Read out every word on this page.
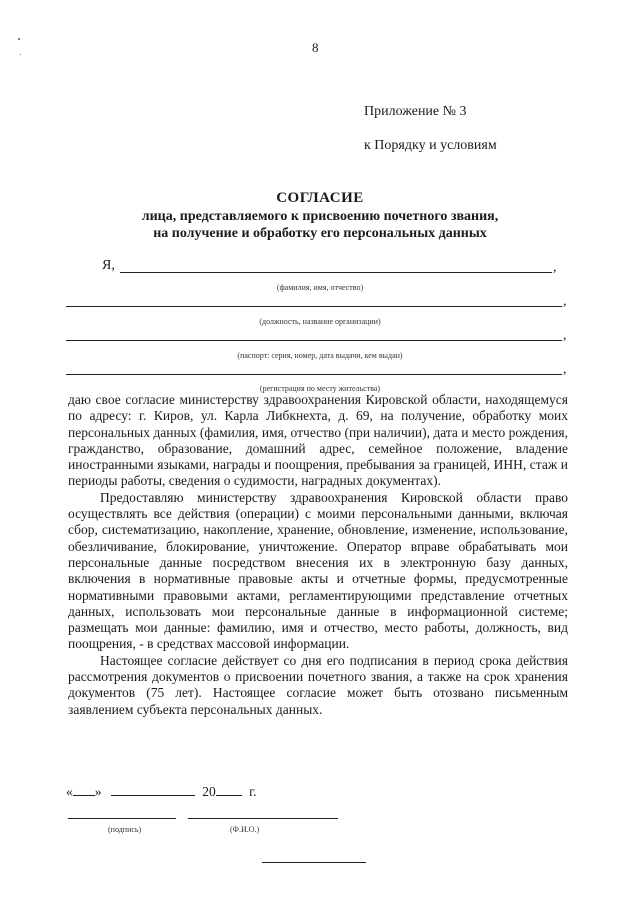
8
Приложение № 3
к Порядку и условиям
СОГЛАСИЕ
лица, представляемого к присвоению почетного звания,
на получение и обработку его персональных данных
Я,	,
(фамилия, имя, отчество)
,
(должность, название организации)
,
(паспорт: серия, номер, дата выдачи, кем выдан)
,
(регистрация по месту жительства)

даю свое согласие министерству здравоохранения Кировской области, находящемуся по адресу: г. Киров, ул. Карла Либкнехта, д. 69, на получение, обработку моих персональных данных (фамилия, имя, отчество (при наличии), дата и место рождения, гражданство, образование, домашний адрес, семейное положение, владение иностранными языками, награды и поощрения, пребывания за границей, ИНН, стаж и периоды работы, сведения о судимости, наградных документах).

Предоставляю министерству здравоохранения Кировской области право осуществлять все действия (операции) с моими персональными данными, включая сбор, систематизацию, накопление, хранение, обновление, изменение, использование, обезличивание, блокирование, уничтожение. Оператор вправе обрабатывать мои персональные данные посредством внесения их в электронную базу данных, включения в нормативные правовые акты и отчетные формы, предусмотренные нормативными правовыми актами, регламентирующими представление отчетных данных, использовать мои персональные данные в информационной системе; размещать мои данные: фамилию, имя и отчество, место работы, должность, вид поощрения, - в средствах массовой информации.

Настоящее согласие действует со дня его подписания в период срока действия рассмотрения документов о присвоении почетного звания, а также на срок хранения документов (75 лет). Настоящее согласие может быть отозвано письменным заявлением субъекта персональных данных.

« »	20 г.
(подпись)	(Ф.И.О.)
